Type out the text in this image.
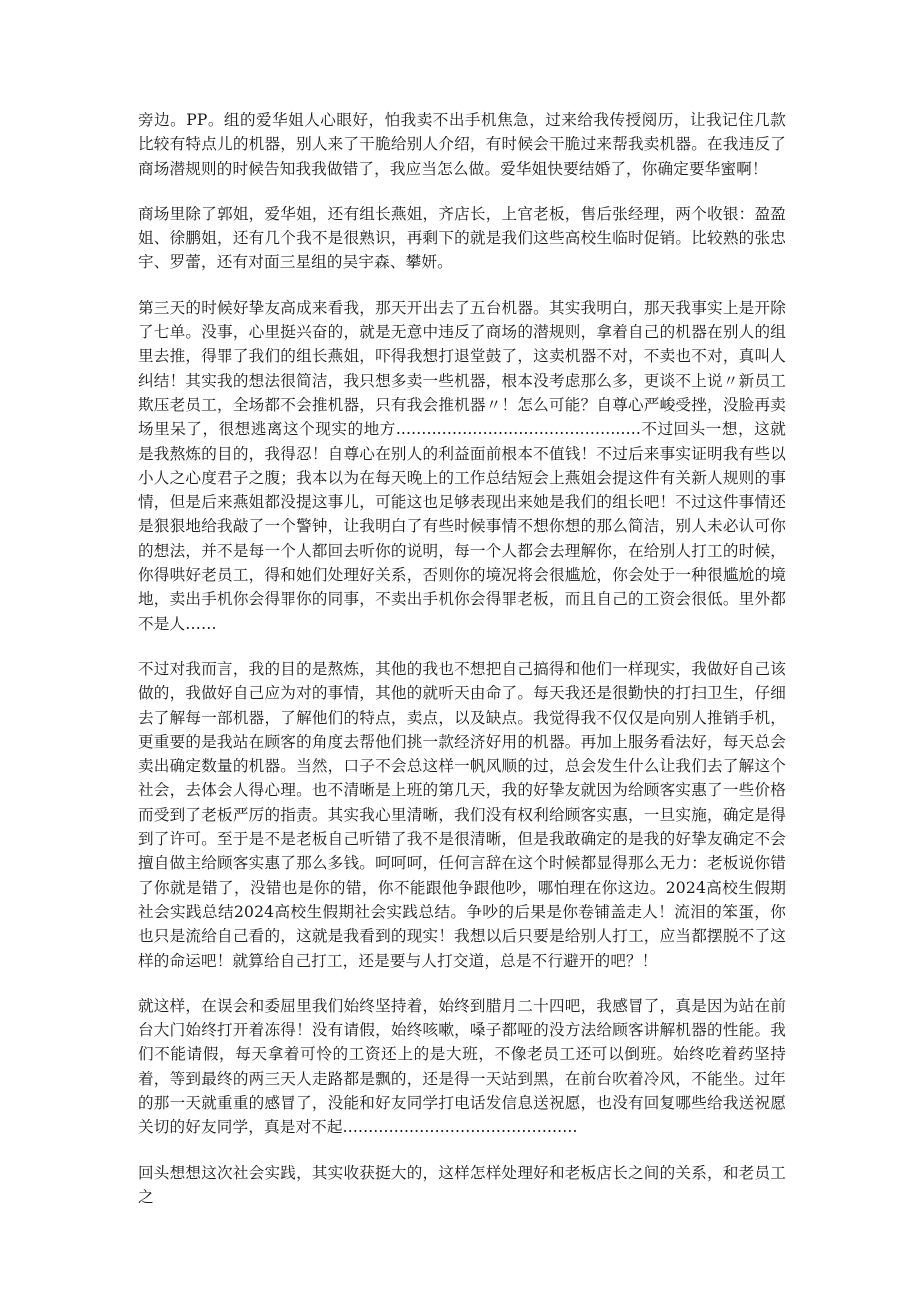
旁边。PP。组的爱华姐人心眼好，怕我卖不出手机焦急，过来给我传授阅历，让我记住几款比较有特点儿的机器，别人来了干脆给别人介绍，有时候会干脆过来帮我卖机器。在我违反了商场潜规则的时候告知我我做错了，我应当怎么做。爱华姐快要结婚了，你确定要华蜜啊！

商场里除了郭姐，爱华姐，还有组长燕姐，齐店长，上官老板，售后张经理，两个收银：盈盈姐、徐鹏姐，还有几个我不是很熟识，再剩下的就是我们这些高校生临时促销。比较熟的张忠宇、罗蕾，还有对面三星组的吴宇森、攀妍。

第三天的时候好挚友高成来看我，那天开出去了五台机器。其实我明白，那天我事实上是开除了七单。没事，心里挺兴奋的，就是无意中违反了商场的潜规则，拿着自己的机器在别人的组里去推，得罪了我们的组长燕姐，吓得我想打退堂鼓了，这卖机器不对，不卖也不对，真叫人纠结！其实我的想法很简洁，我只想多卖一些机器，根本没考虑那么多，更谈不上说〃新员工欺压老员工，全场都不会推机器，只有我会推机器〃！怎么可能？自尊心严峻受挫，没脸再卖场里呆了，很想逃离这个现实的地方................................................不过回头一想，这就是我熬炼的目的，我得忍！自尊心在别人的利益面前根本不值钱！不过后来事实证明我有些以小人之心度君子之腹；我本以为在每天晚上的工作总结短会上燕姐会提这件有关新人规则的事情，但是后来燕姐都没提这事儿，可能这也足够表现出来她是我们的组长吧！不过这件事情还是狠狠地给我敲了一个警钟，让我明白了有些时候事情不想你想的那么简洁，别人未必认可你的想法，并不是每一个人都回去听你的说明，每一个人都会去理解你，在给别人打工的时候，你得哄好老员工，得和她们处理好关系，否则你的境况将会很尴尬，你会处于一种很尴尬的境地，卖出手机你会得罪你的同事，不卖出手机你会得罪老板，而且自己的工资会很低。里外都不是人……

不过对我而言，我的目的是熬炼，其他的我也不想把自己搞得和他们一样现实，我做好自己该做的，我做好自己应为对的事情，其他的就听天由命了。每天我还是很勤快的打扫卫生，仔细去了解每一部机器，了解他们的特点，卖点，以及缺点。我觉得我不仅仅是向别人推销手机，更重要的是我站在顾客的角度去帮他们挑一款经济好用的机器。再加上服务看法好，每天总会卖出确定数量的机器。当然，口子不会总这样一帆风顺的过，总会发生什么让我们去了解这个社会，去体会人得心理。也不清晰是上班的第几天，我的好挚友就因为给顾客实惠了一些价格而受到了老板严厉的指责。其实我心里清晰，我们没有权利给顾客实惠，一旦实施，确定是得到了许可。至于是不是老板自己听错了我不是很清晰，但是我敢确定的是我的好挚友确定不会擅自做主给顾客实惠了那么多钱。呵呵呵，任何言辞在这个时候都显得那么无力：老板说你错了你就是错了，没错也是你的错，你不能跟他争跟他吵，哪怕理在你这边。2024高校生假期社会实践总结2024高校生假期社会实践总结。争吵的后果是你卷铺盖走人！流泪的笨蛋，你也只是流给自己看的，这就是我看到的现实！我想以后只要是给别人打工，应当都摆脱不了这样的命运吧！就算给自己打工，还是要与人打交道，总是不行避开的吧？！

就这样，在误会和委屈里我们始终坚持着，始终到腊月二十四吧，我感冒了，真是因为站在前台大门始终打开着冻得！没有请假，始终咳嗽，嗓子都哑的没方法给顾客讲解机器的性能。我们不能请假，每天拿着可怜的工资还上的是大班，不像老员工还可以倒班。始终吃着药坚持着，等到最终的两三天人走路都是飘的，还是得一天站到黑，在前台吹着冷风，不能坐。过年的那一天就重重的感冒了，没能和好友同学打电话发信息送祝愿，也没有回复哪些给我送祝愿关切的好友同学，真是对不起..............................................

回头想想这次社会实践，其实收获挺大的，这样怎样处理好和老板店长之间的关系，和老员工之
